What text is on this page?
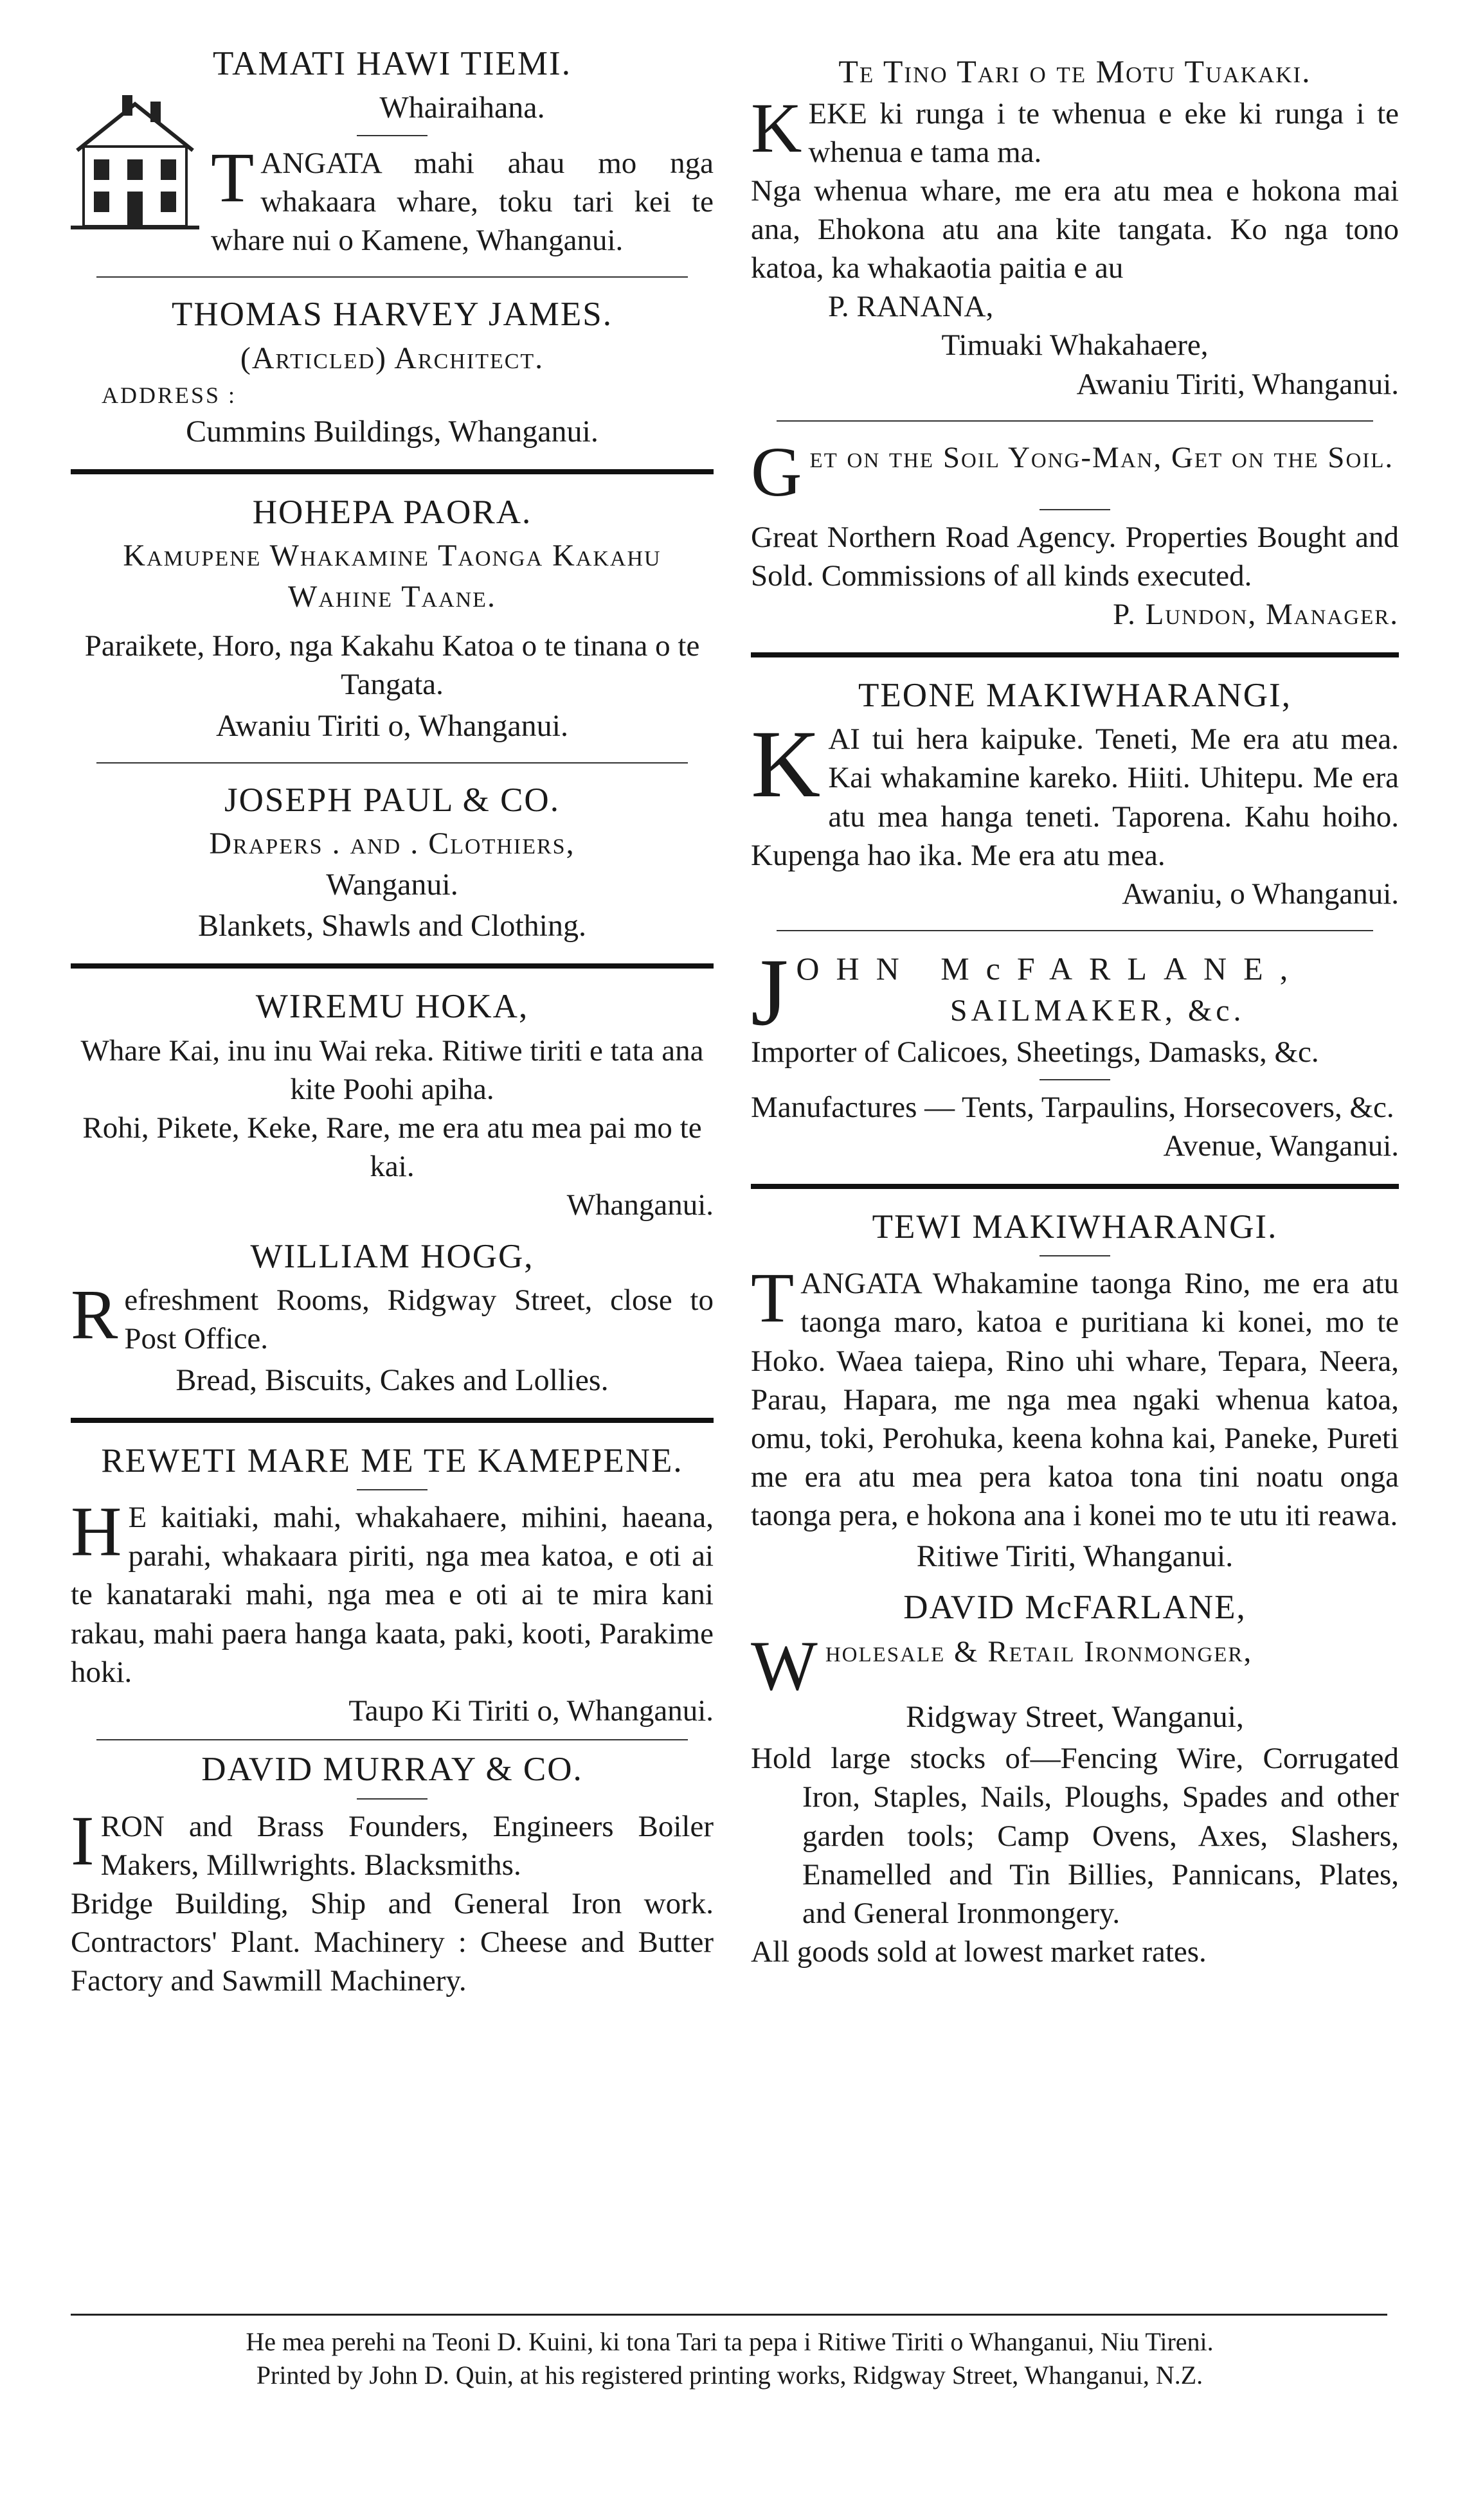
TAMATI HAWI TIEMI.
Whairaihana.

T ANGATA mahi ahau mo nga whakaara whare, toku tari kei te whare nui o Kamene, Whanganui.

THOMAS HARVEY JAMES.
(Articled) Architect.

ADDRESS :

Cummins Buildings, Whanganui.
HOHEPA PAORA.
Kamupene Whakamine Taonga Kakahu
Wahine Taane.

Paraikete, Horo, nga Kakahu Katoa o te tinana o te Tangata.

Awaniu Tiriti o, Whanganui.
JOSEPH PAUL & CO.
Drapers . and . Clothiers,
Wanganui.
Blankets, Shawls and Clothing.
WIREMU HOKA,

Whare Kai, inu inu Wai reka. Ritiwe tiriti e tata ana kite Poohi apiha.

Rohi, Pikete, Keke, Rare, me era atu mea pai mo te kai.

Whanganui.

WILLIAM HOGG,

R efreshment Rooms, Ridgway Street, close to Post Office.

Bread, Biscuits, Cakes and Lollies.
REWETI MARE ME TE KAMEPENE.

H E kaitiaki, mahi, whakahaere, mihini, haeana, parahi, whakaara piriti, nga mea katoa, e oti ai te kanataraki mahi, nga mea e oti ai te mira kani rakau, mahi paera hanga kaata, paki, kooti, Parakime hoki.

Taupo Ki Tiriti o, Whanganui.

DAVID MURRAY & CO.

I RON and Brass Founders, Engineers Boiler Makers, Millwrights. Blacksmiths.

Bridge Building, Ship and General Iron work. Contractors' Plant. Machinery : Cheese and Butter Factory and Sawmill Machinery.

Te Tino Tari o te Motu Tuakaki.

K EKE ki runga i te whenua e eke ki runga i te whenua e tama ma.

Nga whenua whare, me era atu mea e hokona mai ana, Ehokona atu ana kite tangata. Ko nga tono katoa, ka whakaotia paitia e au

P. RANANA,

Timuaki Whakahaere,

Awaniu Tiriti, Whanganui.

G et on the Soil Yong-Man, Get on the Soil.

Great Northern Road Agency. Properties Bought and Sold. Commissions of all kinds executed.

P. Lundon, Manager.

TEONE MAKIWHARANGI,

K AI tui hera kaipuke. Teneti, Me era atu mea. Kai whakamine kareko. Hiiti. Uhitepu. Me era atu mea hanga teneti. Taporena. Kahu hoiho. Kupenga hao ika. Me era atu mea.

Awaniu, o Whanganui.

J OHN McFARLANE,

SAILMAKER, &c.

Importer of Calicoes, Sheetings, Damasks, &c.

Manufactures — Tents, Tarpaulins, Horsecovers, &c.

Avenue, Wanganui.

TEWI MAKIWHARANGI.

T ANGATA Whakamine taonga Rino, me era atu taonga maro, katoa e puritiana ki konei, mo te Hoko. Waea taiepa, Rino uhi whare, Tepara, Neera, Parau, Hapara, me nga mea ngaki whenua katoa, omu, toki, Perohuka, keena kohna kai, Paneke, Pureti me era atu mea pera katoa tona tini noatu onga taonga pera, e hokona ana i konei mo te utu iti reawa.

Ritiwe Tiriti, Whanganui.
DAVID McFARLANE,

W holesale & Retail Ironmonger,

Ridgway Street, Wanganui,

Hold large stocks of—Fencing Wire, Corrugated Iron, Staples, Nails, Ploughs, Spades and other garden tools; Camp Ovens, Axes, Slashers, Enamelled and Tin Billies, Pannicans, Plates, and General Ironmongery.

All goods sold at lowest market rates.

He mea perehi na Teoni D. Kuini, ki tona Tari ta pepa i Ritiwe Tiriti o Whanganui, Niu Tireni.
Printed by John D. Quin, at his registered printing works, Ridgway Street, Whanganui, N.Z.
